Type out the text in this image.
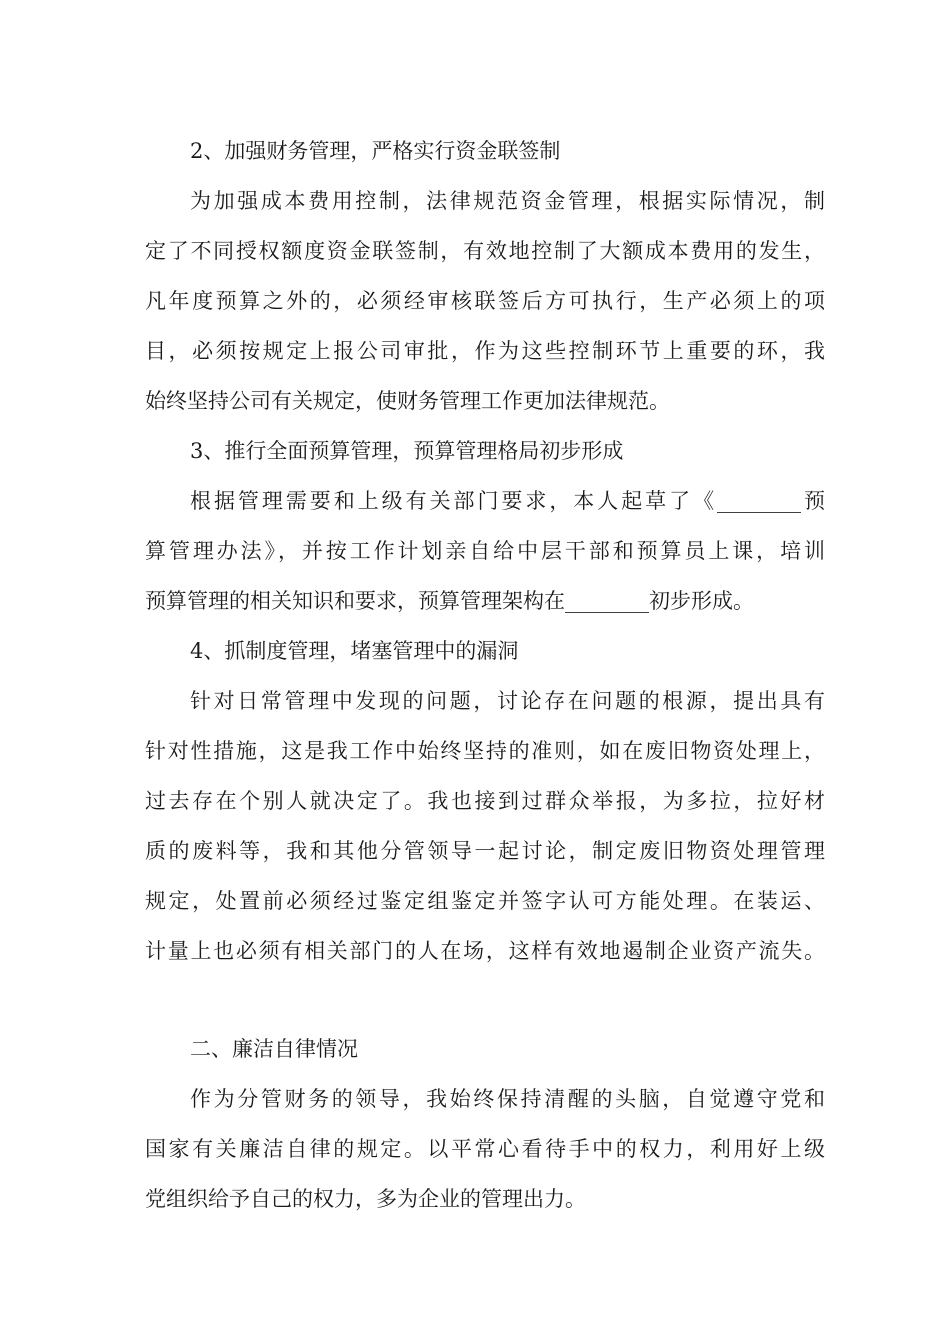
2、加强财务管理，严格实行资金联签制

为加强成本费用控制，法律规范资金管理，根据实际情况，制

定了不同授权额度资金联签制，有效地控制了大额成本费用的发生，

凡年度预算之外的，必须经审核联签后方可执行，生产必须上的项

目，必须按规定上报公司审批，作为这些控制环节上重要的环，我

始终坚持公司有关规定，使财务管理工作更加法律规范。

3、推行全面预算管理，预算管理格局初步形成

根据管理需要和上级有关部门要求，本人起草了《________预

算管理办法》，并按工作计划亲自给中层干部和预算员上课，培训

预算管理的相关知识和要求，预算管理架构在________初步形成。

4、抓制度管理，堵塞管理中的漏洞

针对日常管理中发现的问题，讨论存在问题的根源，提出具有

针对性措施，这是我工作中始终坚持的准则，如在废旧物资处理上，

过去存在个别人就决定了。我也接到过群众举报，为多拉，拉好材

质的废料等，我和其他分管领导一起讨论，制定废旧物资处理管理

规定，处置前必须经过鉴定组鉴定并签字认可方能处理。在装运、

计量上也必须有相关部门的人在场，这样有效地遏制企业资产流失。

二、廉洁自律情况

作为分管财务的领导，我始终保持清醒的头脑，自觉遵守党和

国家有关廉洁自律的规定。以平常心看待手中的权力，利用好上级

党组织给予自己的权力，多为企业的管理出力。
